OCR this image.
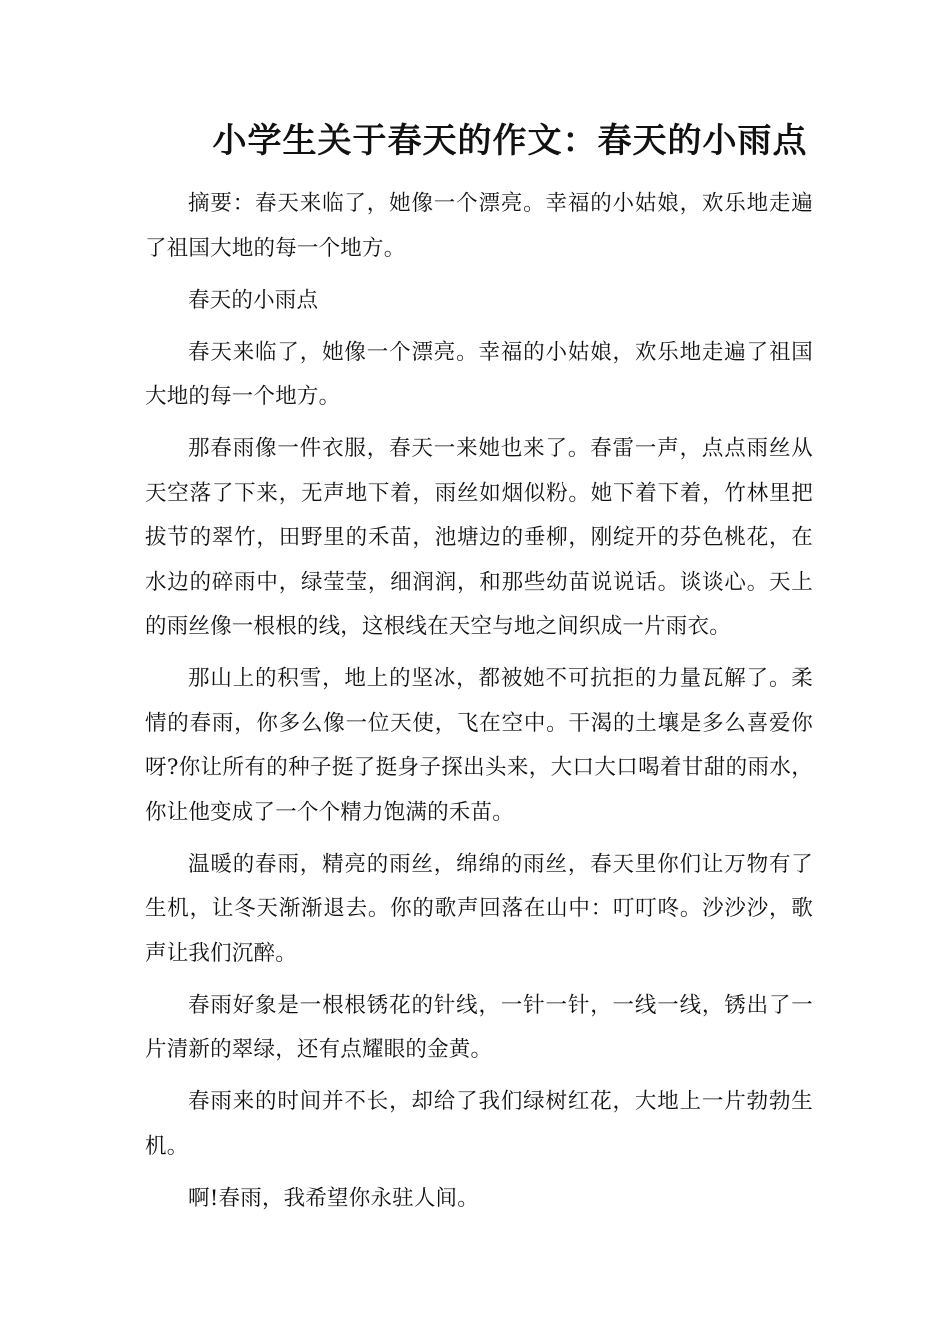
小学生关于春天的作文：春天的小雨点

摘要：春天来临了，她像一个漂亮。幸福的小姑娘，欢乐地走遍了祖国大地的每一个地方。

春天的小雨点

春天来临了，她像一个漂亮。幸福的小姑娘，欢乐地走遍了祖国大地的每一个地方。

那春雨像一件衣服，春天一来她也来了。春雷一声，点点雨丝从天空落了下来，无声地下着，雨丝如烟似粉。她下着下着，竹林里把拔节的翠竹，田野里的禾苗，池塘边的垂柳，刚绽开的芬色桃花，在水边的碎雨中，绿莹莹，细润润，和那些幼苗说说话。谈谈心。天上的雨丝像一根根的线，这根线在天空与地之间织成一片雨衣。

那山上的积雪，地上的坚冰，都被她不可抗拒的力量瓦解了。柔情的春雨，你多么像一位天使，飞在空中。干渴的土壤是多么喜爱你呀?你让所有的种子挺了挺身子探出头来，大口大口喝着甘甜的雨水，你让他变成了一个个精力饱满的禾苗。

温暖的春雨，精亮的雨丝，绵绵的雨丝，春天里你们让万物有了生机，让冬天渐渐退去。你的歌声回落在山中：叮叮咚。沙沙沙，歌声让我们沉醉。

春雨好象是一根根锈花的针线，一针一针，一线一线，锈出了一片清新的翠绿，还有点耀眼的金黄。

春雨来的时间并不长，却给了我们绿树红花，大地上一片勃勃生机。

啊!春雨，我希望你永驻人间。
